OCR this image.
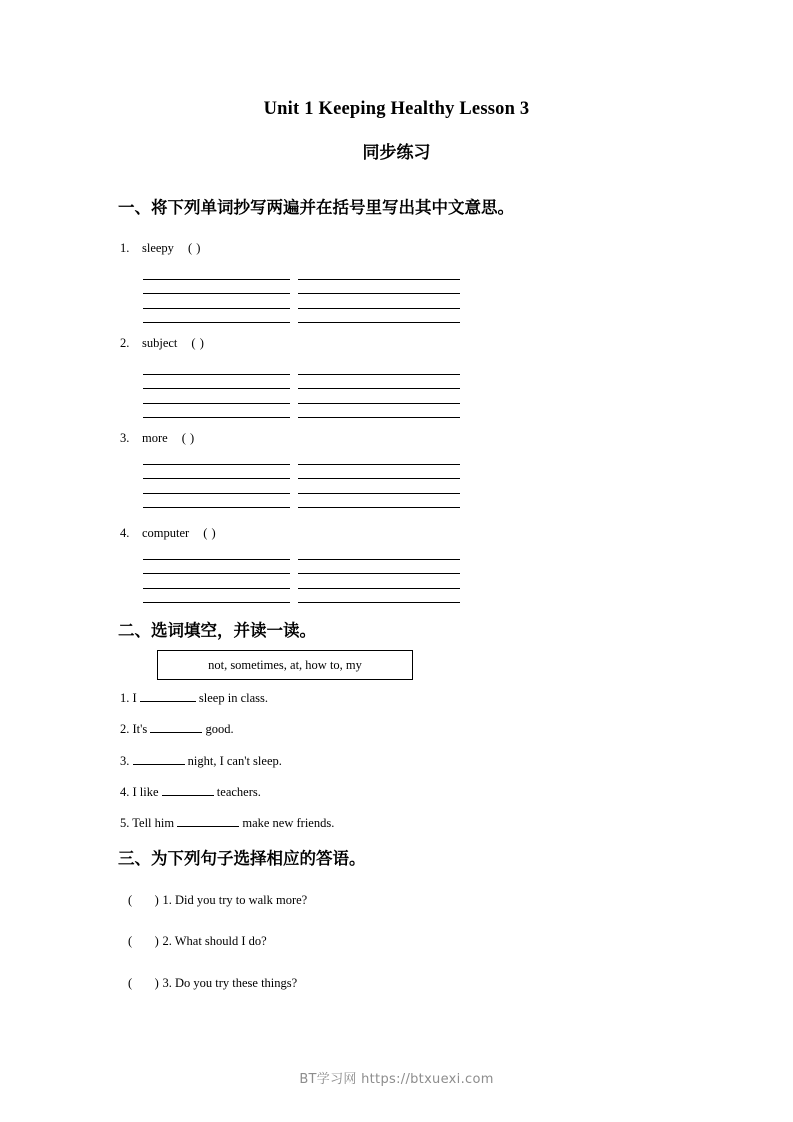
Unit 1 Keeping Healthy Lesson 3
同步练习
一、将下列单词抄写两遍并在括号里写出其中文意思。
1. sleepy ( )
2. subject ( )
3. more ( )
4. computer ( )
二、选词填空，并读一读。
not, sometimes, at, how to, my
1. I	sleep in class.
2. It's	good.
3.	night, I can't sleep.
4. I like	teachers.
5. Tell him	make new friends.
三、为下列句子选择相应的答语。
( ) 1. Did you try to walk more?
( ) 2. What should I do?
( ) 3. Do you try these things?
BT学习网 https://btxuexi.com
